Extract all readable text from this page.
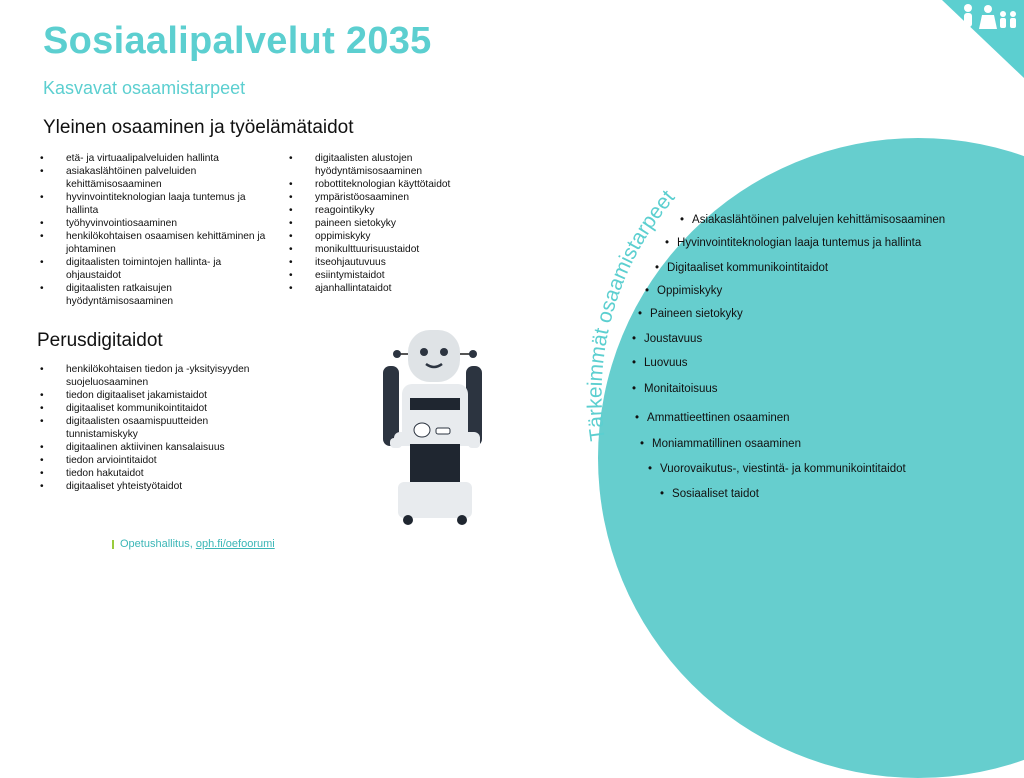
Sosiaalipalvelut 2035
Kasvavat osaamistarpeet
Yleinen osaaminen ja työelämätaidot
• etä- ja virtuaalipalveluiden hallinta
• asiakaslähtöinen palveluiden kehittämisosaaminen
• hyvinvointiteknologian laaja tuntemus ja hallinta
• työhyvinvointiosaaminen
• henkilökohtaisen osaamisen kehittäminen ja johtaminen
• digitaalisten toimintojen hallinta- ja ohjaustaidot
• digitaalisten ratkaisujen hyödyntämisosaaminen
• digitaalisten alustojen hyödyntämisosaaminen
• robottiteknologian käyttötaidot
• ympäristöosaaminen
• reagointikyky
• paineen sietokyky
• oppimiskyky
• monikulttuurisuustaidot
• itseohjautuvuus
• esiintymistaidot
• ajanhallintataidot
Perusdigitaidot
• henkilökohtaisen tiedon ja -yksityisyyden suojeluosaaminen
• tiedon digitaaliset jakamistaidot
• digitaaliset kommunikointitaidot
• digitaalisten osaamispuutteiden tunnistamiskyky
• digitaalinen aktiivinen kansalaisuus
• tiedon arviointitaidot
• tiedon hakutaidot
• digitaaliset yhteistyötaidot
Tärkeimmät osaamistarpeet
• Asiakaslähtöinen palvelujen kehittämisosaaminen
• Hyvinvointiteknologian laaja tuntemus ja hallinta
• Digitaaliset kommunikointitaidot
• Oppimiskyky
• Paineen sietokyky
• Joustavuus
• Luovuus
• Monitaitoisuus
• Ammattieettinen osaaminen
• Moniammatillinen osaaminen
• Vuorovaikutus-, viestintä- ja kommunikointitaidot
• Sosiaaliset taidot
Opetushallitus, oph.fi/oefoorumi
